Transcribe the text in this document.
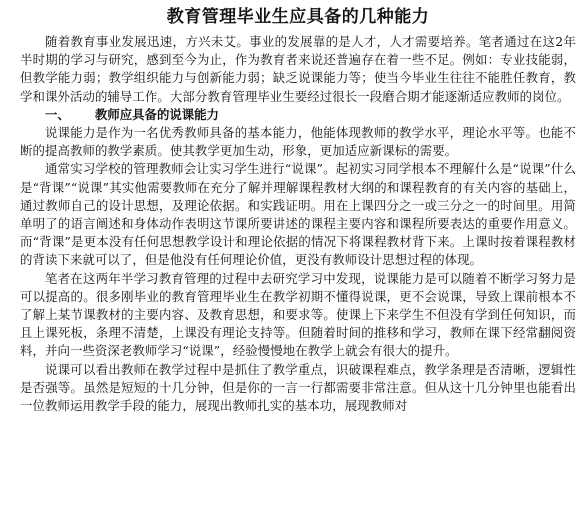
教育管理毕业生应具备的几种能力

随着教育事业发展迅速，方兴未艾。事业的发展靠的是人才，人才需要培养。笔者通过在这2年半时期的学习与研究，感到至今为止，作为教育者来说还普遍存在着一些不足。例如：专业技能弱，但教学能力弱；教学组织能力与创新能力弱；缺乏说课能力等；使当今毕业生往往不能胜任教育，教学和课外活动的辅导工作。大部分教育管理毕业生要经过很长一段磨合期才能逐渐适应教师的岗位。

一、 教师应具备的说课能力

说课能力是作为一名优秀教师具备的基本能力，他能体现教师的教学水平，理论水平等。也能不断的提高教师的教学素质。使其教学更加生动，形象，更加适应新课标的需要。

通常实习学校的管理教师会让实习学生进行“说课”。起初实习同学根本不理解什么是“说课”什么是“背课”“说课”其实他需要教师在充分了解并理解课程教材大纲的和课程教育的有关内容的基础上，通过教师自己的设计思想，及理论依据。和实践证明。用在上课四分之一或三分之一的时间里。用简单明了的语言阐述和身体动作表明这节课所要讲述的课程主要内容和课程所要表达的重要作用意义。而“背课”是更本没有任何思想教学设计和理论依据的情况下将课程教材背下来。上课时按着课程教材的背读下来就可以了，但是他没有任何理论价值，更没有教师设计思想过程的体现。

笔者在这两年半学习教育管理的过程中去研究学习中发现，说课能力是可以随着不断学习努力是可以提高的。很多刚毕业的教育管理毕业生在教学初期不懂得说课，更不会说课，导致上课前根本不了解上某节课教材的主要内容、及教育思想，和要求等。使课上下来学生不但没有学到任何知识，而且上课死板，条理不清楚，上课没有理论支持等。但随着时间的推移和学习，教师在课下经常翻阅资料，并向一些资深老教师学习“说课”，经验慢慢地在教学上就会有很大的提升。

说课可以看出教师在教学过程中是抓住了教学重点，识破课程难点，教学条理是否清晰，逻辑性是否强等。虽然是短短的十几分钟，但是你的一言一行都需要非常注意。但从这十几分钟里也能看出一位教师运用教学手段的能力，展现出教师扎实的基本功，展现教师对
